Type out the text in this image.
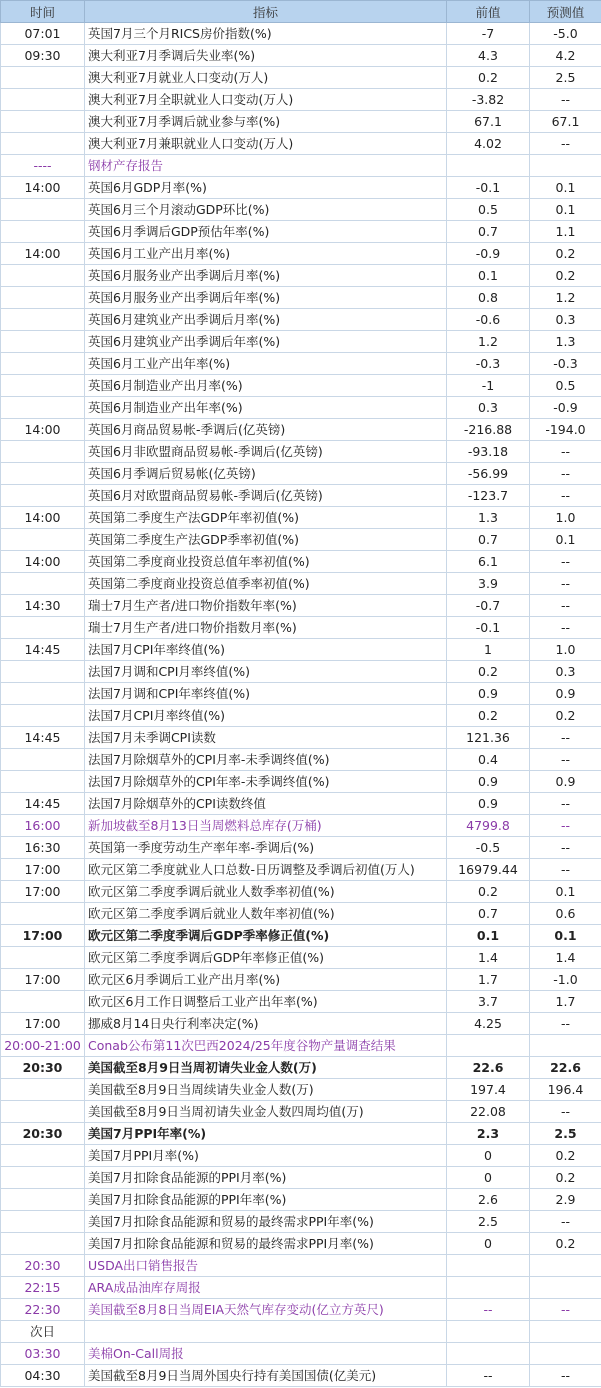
时间	指标	前值	预测值
07:01	英国7月三个月RICS房价指数(%)	-7	-5.0
09:30	澳大利亚7月季调后失业率(%)	4.3	4.2
	澳大利亚7月就业人口变动(万人)	0.2	2.5
	澳大利亚7月全职就业人口变动(万人)	-3.82	--
	澳大利亚7月季调后就业参与率(%)	67.1	67.1
	澳大利亚7月兼职就业人口变动(万人)	4.02	--
----	钢材产存报告		
14:00	英国6月GDP月率(%)	-0.1	0.1
	英国6月三个月滚动GDP环比(%)	0.5	0.1
	英国6月季调后GDP预估年率(%)	0.7	1.1
14:00	英国6月工业产出月率(%)	-0.9	0.2
	英国6月服务业产出季调后月率(%)	0.1	0.2
	英国6月服务业产出季调后年率(%)	0.8	1.2
	英国6月建筑业产出季调后月率(%)	-0.6	0.3
	英国6月建筑业产出季调后年率(%)	1.2	1.3
	英国6月工业产出年率(%)	-0.3	-0.3
	英国6月制造业产出月率(%)	-1	0.5
	英国6月制造业产出年率(%)	0.3	-0.9
14:00	英国6月商品贸易帐-季调后(亿英镑)	-216.88	-194.0
	英国6月非欧盟商品贸易帐-季调后(亿英镑)	-93.18	--
	英国6月季调后贸易帐(亿英镑)	-56.99	--
	英国6月对欧盟商品贸易帐-季调后(亿英镑)	-123.7	--
14:00	英国第二季度生产法GDP年率初值(%)	1.3	1.0
	英国第二季度生产法GDP季率初值(%)	0.7	0.1
14:00	英国第二季度商业投资总值年率初值(%)	6.1	--
	英国第二季度商业投资总值季率初值(%)	3.9	--
14:30	瑞士7月生产者/进口物价指数年率(%)	-0.7	--
	瑞士7月生产者/进口物价指数月率(%)	-0.1	--
14:45	法国7月CPI年率终值(%)	1	1.0
	法国7月调和CPI月率终值(%)	0.2	0.3
	法国7月调和CPI年率终值(%)	0.9	0.9
	法国7月CPI月率终值(%)	0.2	0.2
14:45	法国7月未季调CPI读数	121.36	--
	法国7月除烟草外的CPI月率-未季调终值(%)	0.4	--
	法国7月除烟草外的CPI年率-未季调终值(%)	0.9	0.9
14:45	法国7月除烟草外的CPI读数终值	0.9	--
16:00	新加坡截至8月13日当周燃料总库存(万桶)	4799.8	--
16:30	英国第一季度劳动生产率年率-季调后(%)	-0.5	--
17:00	欧元区第二季度就业人口总数-日历调整及季调后初值(万人)	16979.44	--
17:00	欧元区第二季度季调后就业人数季率初值(%)	0.2	0.1
	欧元区第二季度季调后就业人数年率初值(%)	0.7	0.6
17:00	欧元区第二季度季调后GDP季率修正值(%)	0.1	0.1
	欧元区第二季度季调后GDP年率修正值(%)	1.4	1.4
17:00	欧元区6月季调后工业产出月率(%)	1.7	-1.0
	欧元区6月工作日调整后工业产出年率(%)	3.7	1.7
17:00	挪威8月14日央行利率决定(%)	4.25	--
20:00-21:00	Conab公布第11次巴西2024/25年度谷物产量调查结果		
20:30	美国截至8月9日当周初请失业金人数(万)	22.6	22.6
	美国截至8月9日当周续请失业金人数(万)	197.4	196.4
	美国截至8月9日当周初请失业金人数四周均值(万)	22.08	--
20:30	美国7月PPI年率(%)	2.3	2.5
	美国7月PPI月率(%)	0	0.2
	美国7月扣除食品能源的PPI月率(%)	0	0.2
	美国7月扣除食品能源的PPI年率(%)	2.6	2.9
	美国7月扣除食品能源和贸易的最终需求PPI年率(%)	2.5	--
	美国7月扣除食品能源和贸易的最终需求PPI月率(%)	0	0.2
20:30	USDA出口销售报告		
22:15	ARA成品油库存周报		
22:30	美国截至8月8日当周EIA天然气库存变动(亿立方英尺)	--	--
次日			
03:30	美棉On-Call周报		
04:30	美国截至8月9日当周外国央行持有美国国债(亿美元)	--	--
